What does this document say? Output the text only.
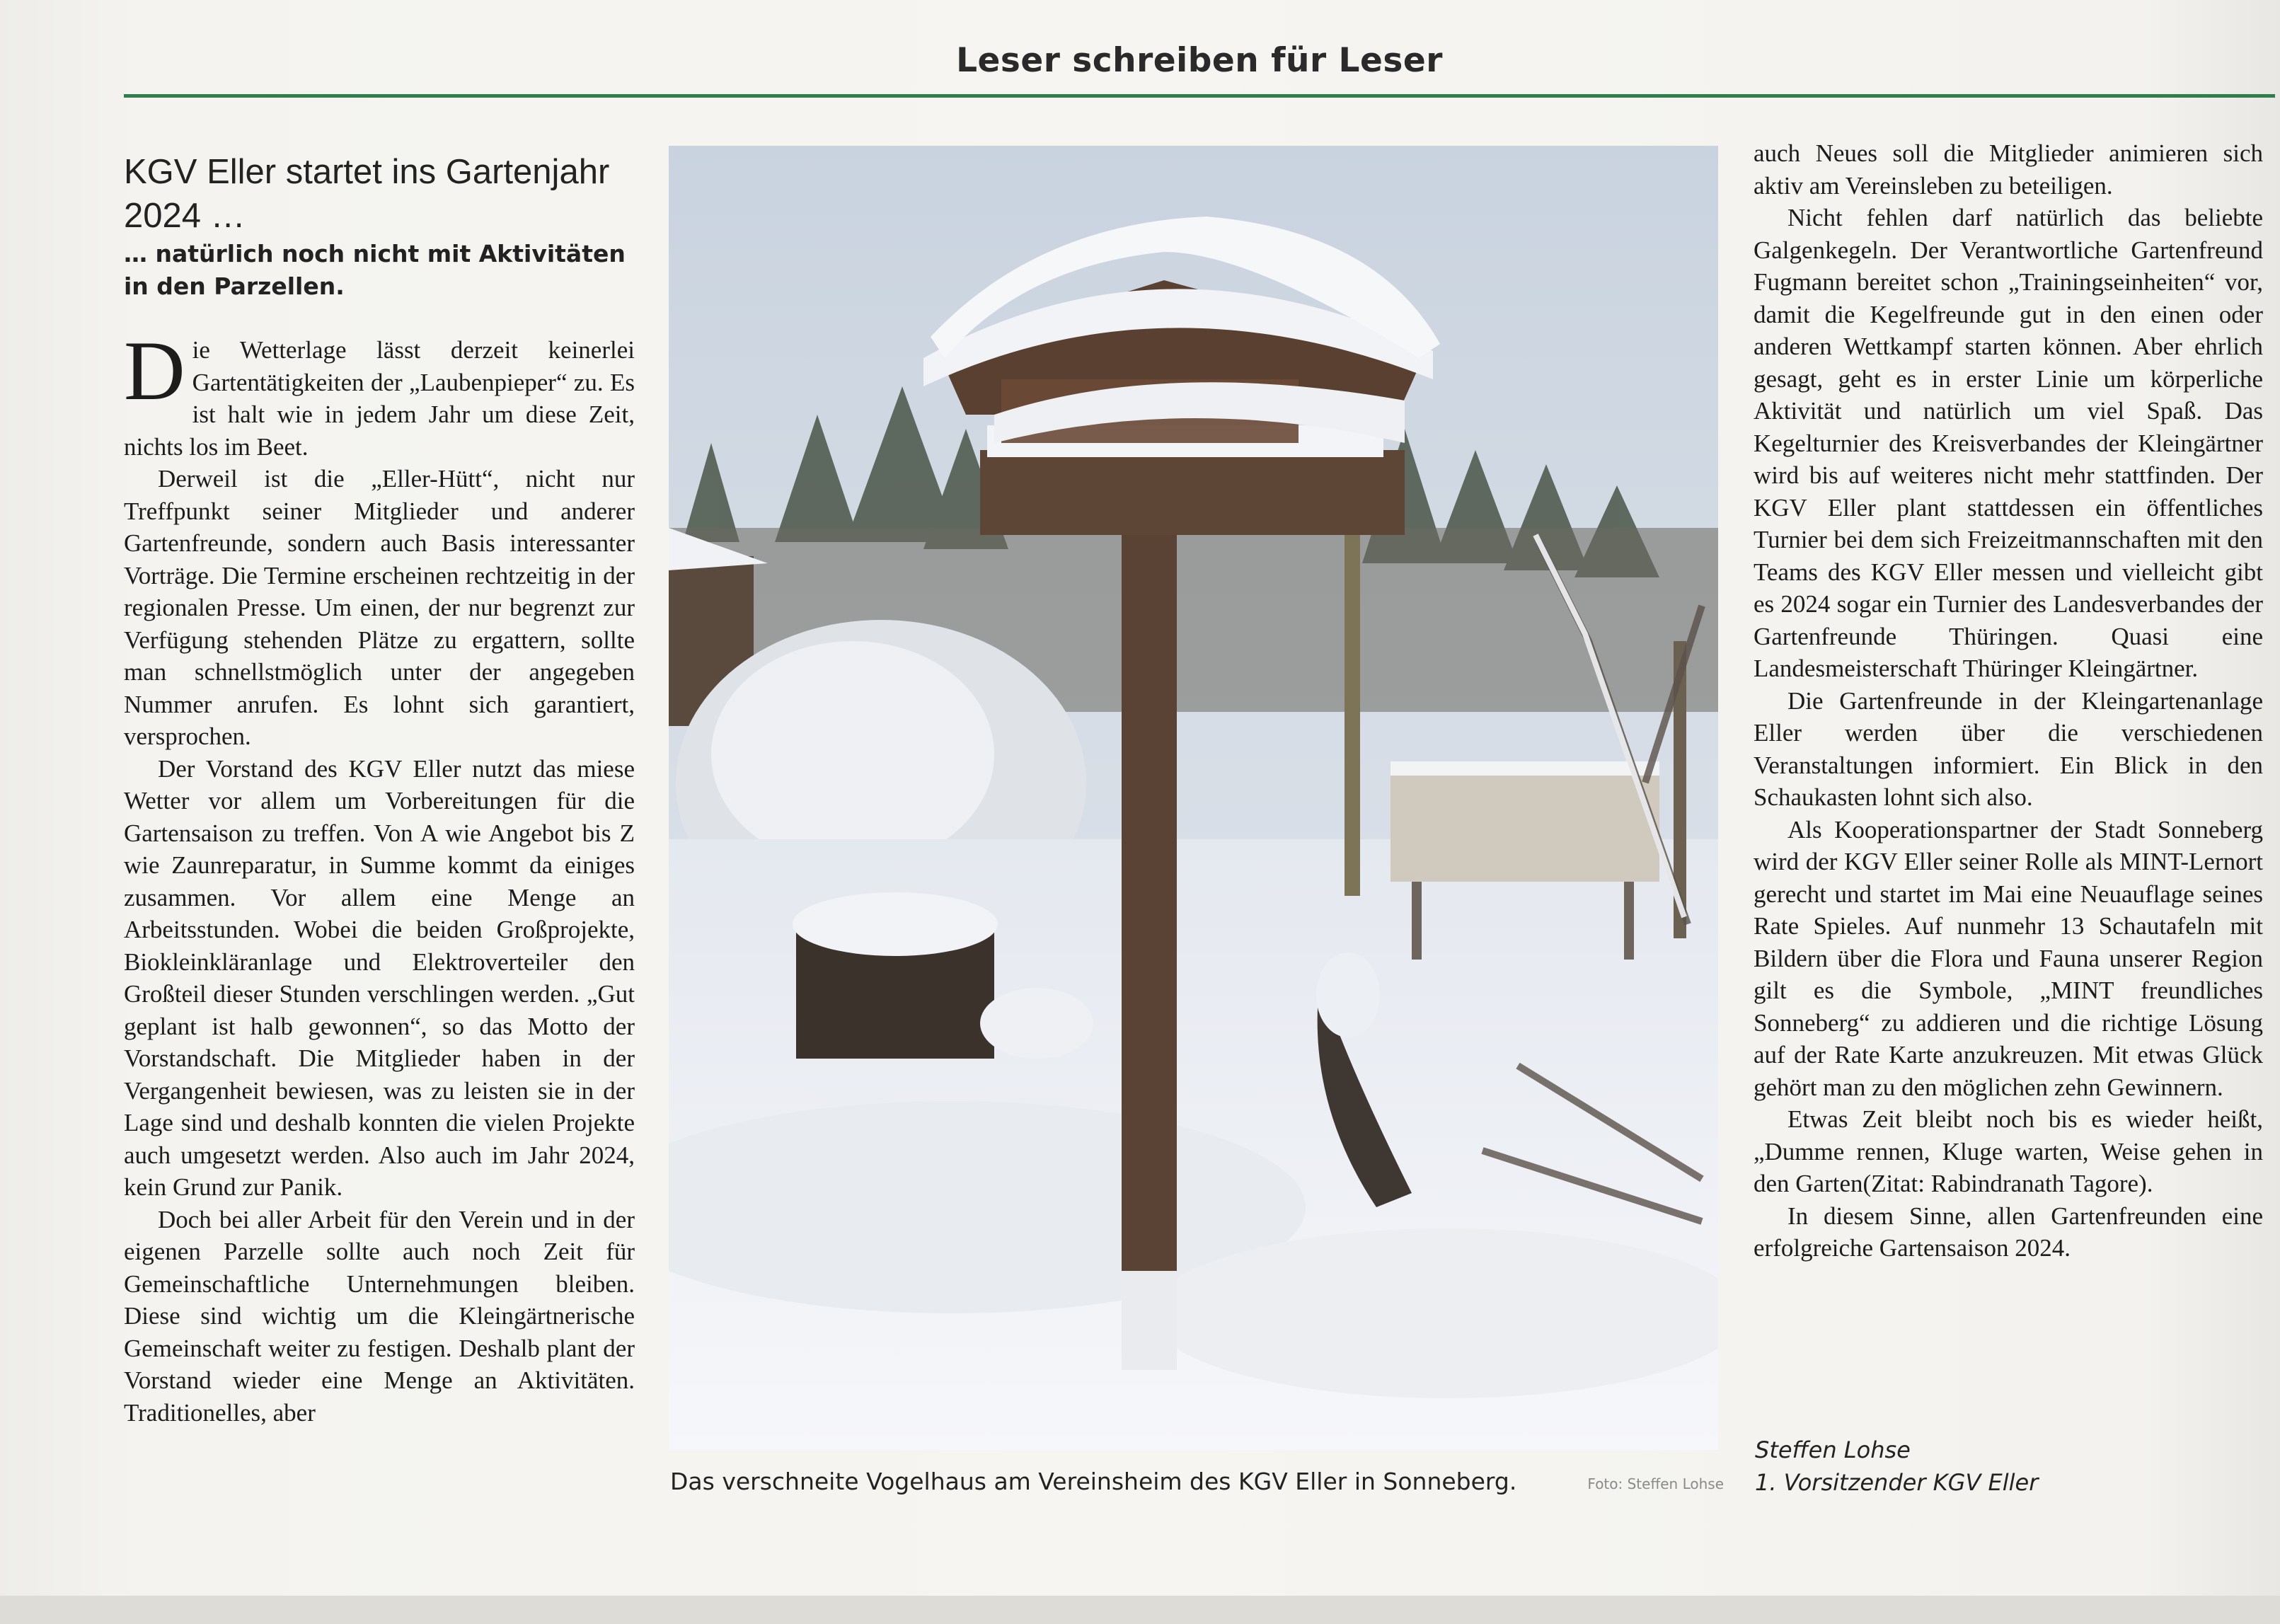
Leser schreiben für Leser
KGV Eller startet ins Gartenjahr 2024 …
… natürlich noch nicht mit Aktivitäten in den Parzellen.

Die Wetterlage lässt derzeit keinerlei Gartentätigkeiten der „Laubenpieper“ zu. Es ist halt wie in jedem Jahr um diese Zeit, nichts los im Beet.

Derweil ist die „Eller-Hütt“, nicht nur Treffpunkt seiner Mitglieder und anderer Gartenfreunde, sondern auch Basis interessanter Vorträge. Die Termine erscheinen rechtzeitig in der regionalen Presse. Um einen, der nur begrenzt zur Verfügung stehenden Plätze zu ergattern, sollte man schnellstmöglich unter der angegeben Nummer anrufen. Es lohnt sich garantiert, versprochen.

Der Vorstand des KGV Eller nutzt das miese Wetter vor allem um Vorbereitungen für die Gartensaison zu treffen. Von A wie Angebot bis Z wie Zaunreparatur, in Summe kommt da einiges zusammen. Vor allem eine Menge an Arbeitsstunden. Wobei die beiden Großprojekte, Biokleinkläranlage und Elektroverteiler den Großteil dieser Stunden verschlingen werden. „Gut geplant ist halb gewonnen“, so das Motto der Vorstandschaft. Die Mitglieder haben in der Vergangenheit bewiesen, was zu leisten sie in der Lage sind und deshalb konnten die vielen Projekte auch umgesetzt werden. Also auch im Jahr 2024, kein Grund zur Panik.

Doch bei aller Arbeit für den Verein und in der eigenen Parzelle sollte auch noch Zeit für Gemeinschaftliche Unternehmungen bleiben. Diese sind wichtig um die Kleingärtnerische Gemeinschaft weiter zu festigen. Deshalb plant der Vorstand wieder eine Menge an Aktivitäten. Traditionelles, aber

Das verschneite Vogelhaus am Vereinsheim des KGV Eller in Sonneberg.	Foto: Steffen Lohse

auch Neues soll die Mitglieder animieren sich aktiv am Vereinsleben zu beteiligen.

Nicht fehlen darf natürlich das beliebte Galgenkegeln. Der Verantwortliche Gartenfreund Fugmann bereitet schon „Trainingseinheiten“ vor, damit die Kegelfreunde gut in den einen oder anderen Wettkampf starten können. Aber ehrlich gesagt, geht es in erster Linie um körperliche Aktivität und natürlich um viel Spaß. Das Kegelturnier des Kreisverbandes der Kleingärtner wird bis auf weiteres nicht mehr stattfinden. Der KGV Eller plant stattdessen ein öffentliches Turnier bei dem sich Freizeitmannschaften mit den Teams des KGV Eller messen und vielleicht gibt es 2024 sogar ein Turnier des Landesverbandes der Gartenfreunde Thüringen. Quasi eine Landesmeisterschaft Thüringer Kleingärtner.

Die Gartenfreunde in der Kleingartenanlage Eller werden über die verschiedenen Veranstaltungen informiert. Ein Blick in den Schaukasten lohnt sich also.

Als Kooperationspartner der Stadt Sonneberg wird der KGV Eller seiner Rolle als MINT-Lernort gerecht und startet im Mai eine Neuauflage seines Rate Spieles. Auf nunmehr 13 Schautafeln mit Bildern über die Flora und Fauna unserer Region gilt es die Symbole, „MINT freundliches Sonneberg“ zu addieren und die richtige Lösung auf der Rate Karte anzukreuzen. Mit etwas Glück gehört man zu den möglichen zehn Gewinnern.

Etwas Zeit bleibt noch bis es wieder heißt, „Dumme rennen, Kluge warten, Weise gehen in den Garten(Zitat: Rabindranath Tagore).

In diesem Sinne, allen Gartenfreunden eine erfolgreiche Gartensaison 2024.

Steffen Lohse
1. Vorsitzender KGV Eller
